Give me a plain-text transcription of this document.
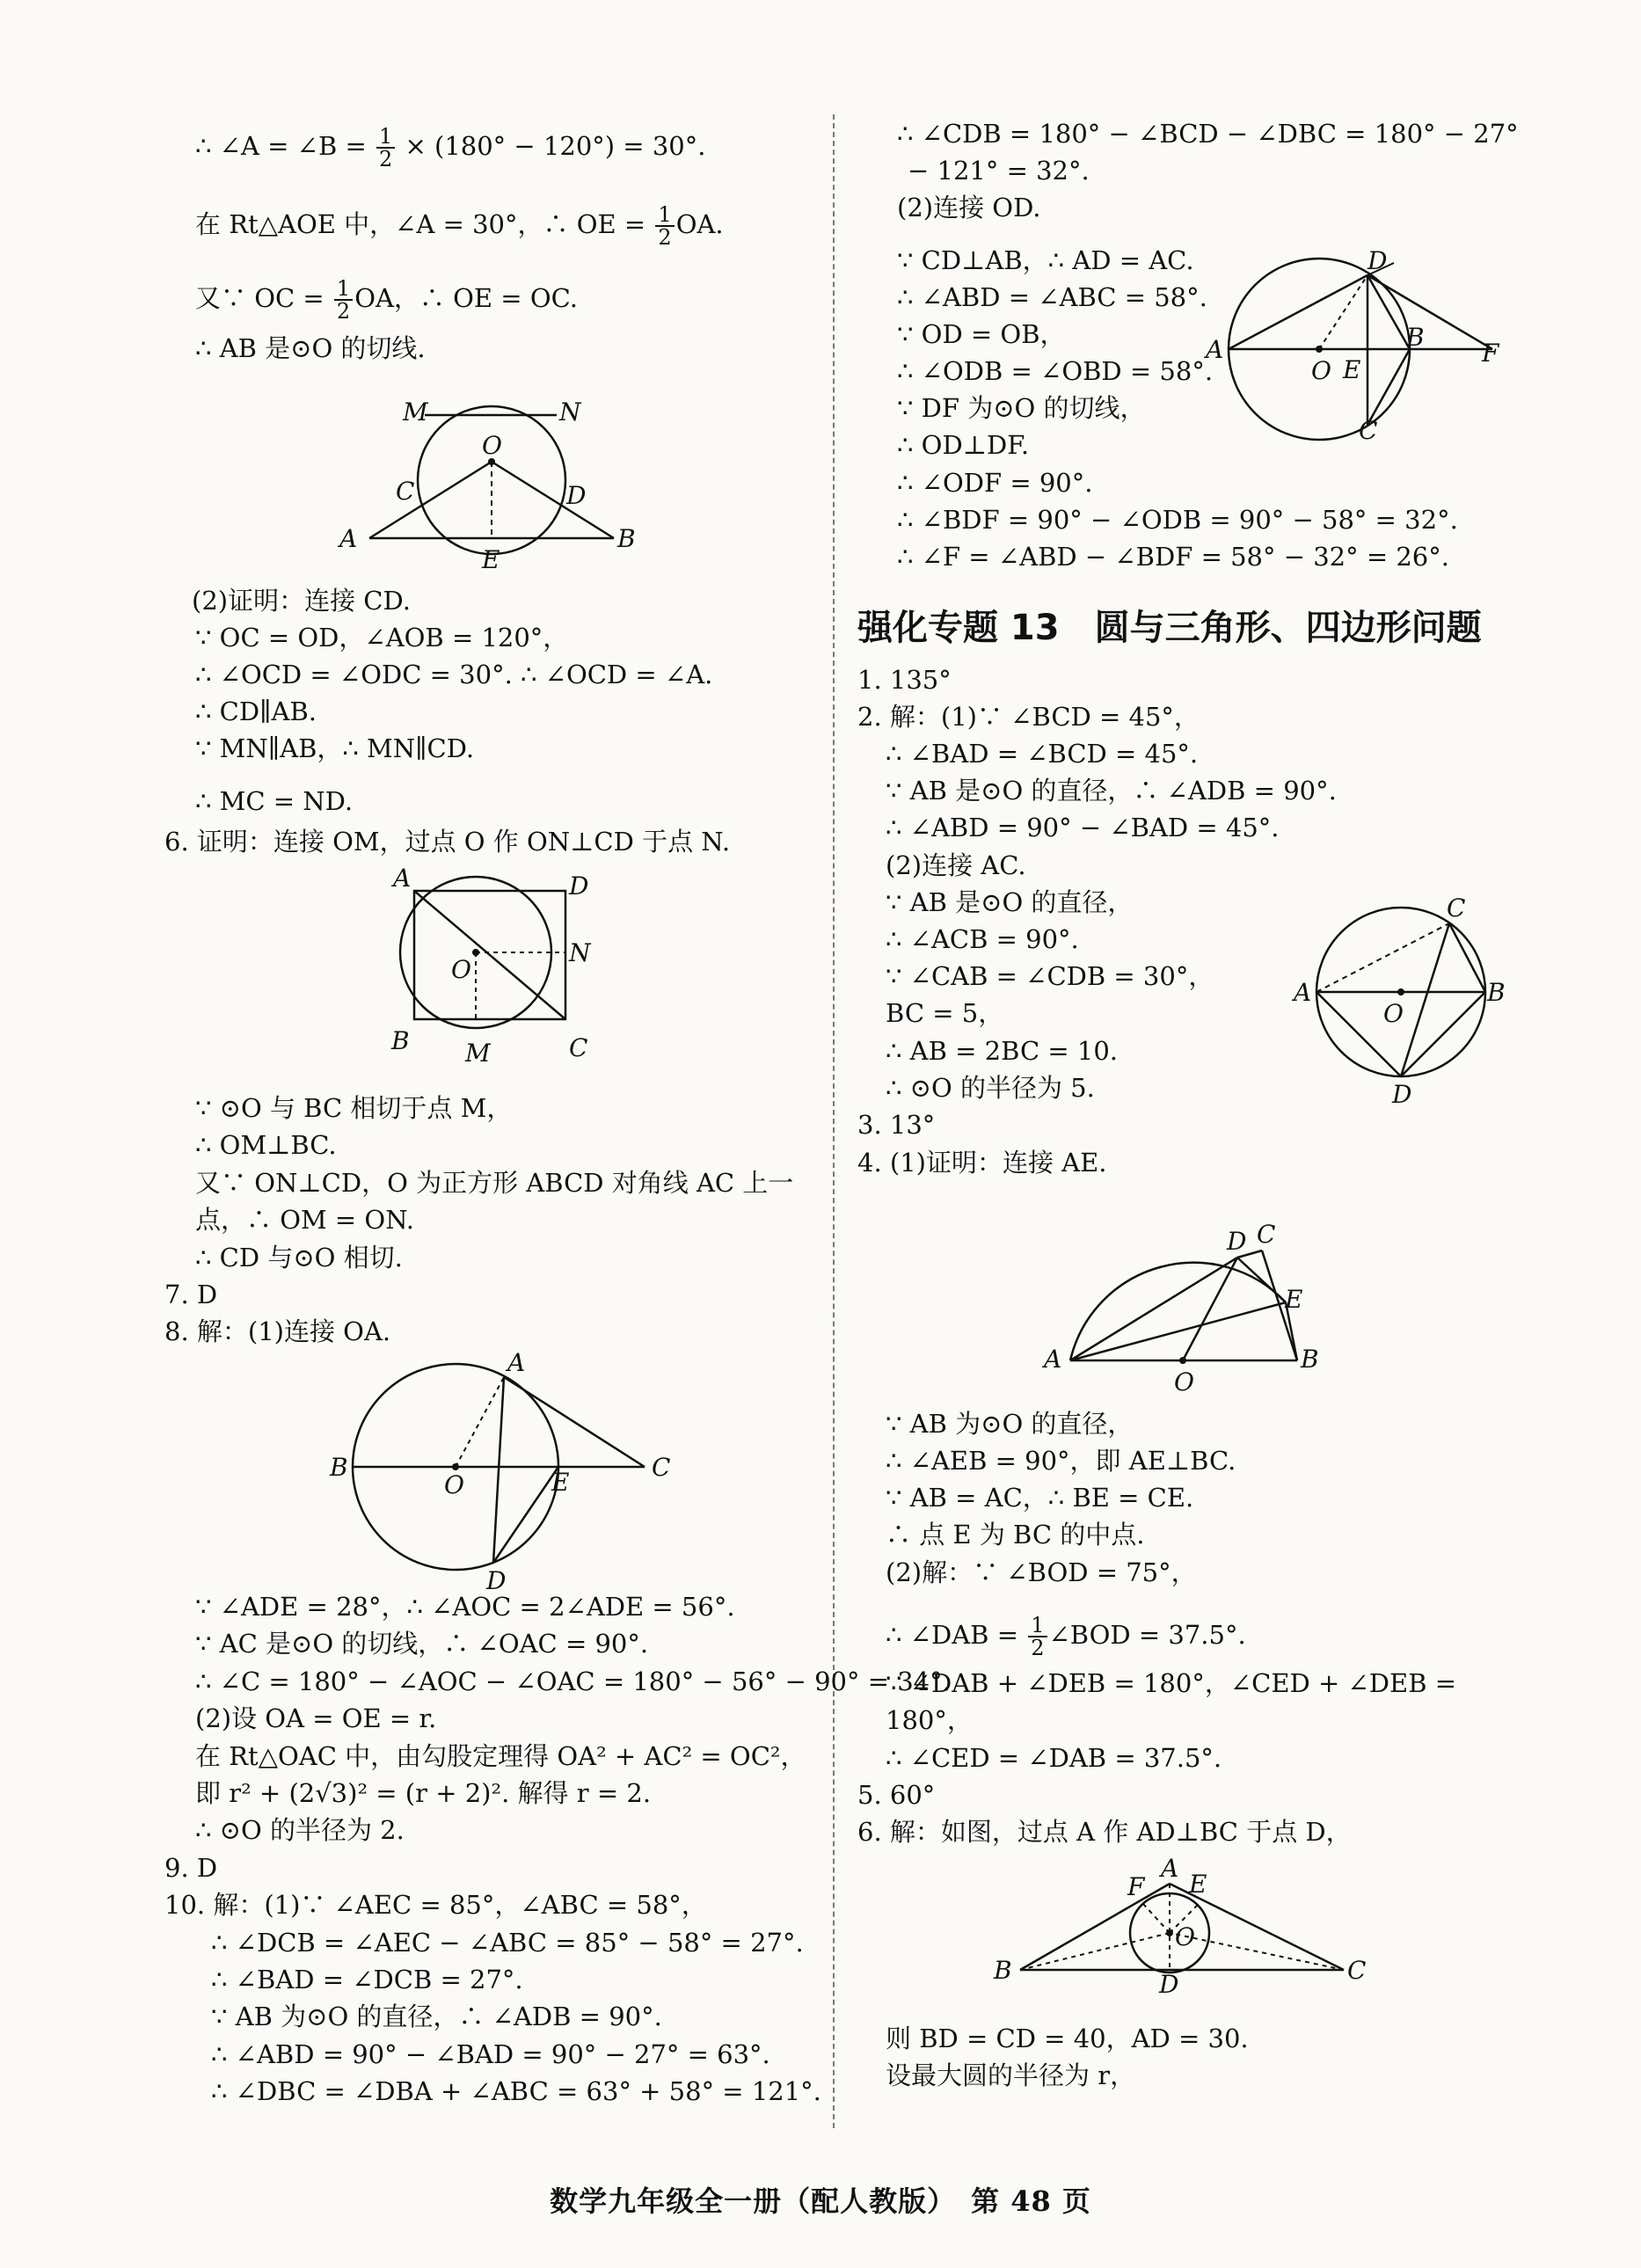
∴ ∠A = ∠B = $\frac{1}{2} \times (180^\circ - 120^\circ) = 30^\circ$.
在 Rt△AOE 中，∠A = 30°，∴ OE = $\frac{1}{2}$ OA.
又∵ OC = $\frac{1}{2}$ OA，∴ OE = OC.
∴ AB 是⊙O 的切线.
M	N
O
C	D
A
E
B
(2)证明：连接 CD.
∵ OC = OD，∠AOB = 120°，
∴ ∠OCD = ∠ODC = 30°. ∴ ∠OCD = ∠A.
∴ CD∥AB.
∵ MN∥AB，∴ MN∥CD.
∴ MC = ND.
6. 证明：连接 OM，过点 O 作 ON⊥CD 于点 N.
A	D
O
N
B M	C
∵ ⊙O 与 BC 相切于点 M，
∴ OM⊥BC.
又∵ ON⊥CD，O 为正方形 ABCD 对角线 AC 上一
点，∴ OM = ON.
∴ CD 与⊙O 相切.
7. D
8. 解：(1)连接 OA.
A
B
O	E
C
D
∵ ∠ADE = 28°，∴ ∠AOC = 2∠ADE = 56°.
∵ AC 是⊙O 的切线，∴ ∠OAC = 90°.
∴ ∠C = 180° − ∠AOC − ∠OAC = 180° − 56° − 90° = 34°.
(2)设 OA = OE = r.
在 Rt△OAC 中，由勾股定理得 OA² + AC² = OC²，
即 r² + (2√3)² = (r + 2)². 解得 r = 2.
∴ ⊙O 的半径为 2.
9. D
10. 解：(1)∵ ∠AEC = 85°，∠ABC = 58°，
∴ ∠DCB = ∠AEC − ∠ABC = 85° − 58° = 27°.
∴ ∠BAD = ∠DCB = 27°.
∵ AB 为⊙O 的直径，∴ ∠ADB = 90°.
∴ ∠ABD = 90° − ∠BAD = 90° − 27° = 63°.
∴ ∠DBC = ∠DBA + ∠ABC = 63° + 58° = 121°.
∴ ∠CDB = 180° − ∠BCD − ∠DBC = 180° − 27°
− 121° = 32°.
(2)连接 OD.
∵ CD⊥AB，∴ AD = AC.
∴ ∠ABD = ∠ABC = 58°.
∵ OD = OB，
∴ ∠ODB = ∠OBD = 58°.
∵ DF 为⊙O 的切线，
∴ OD⊥DF.
∴ ∠ODF = 90°.
∴ ∠BDF = 90° − ∠ODB = 90° − 58° = 32°.
∴ ∠F = ∠ABD − ∠BDF = 58° − 32° = 26°.
D
A
O E
B
F
C
强化专题 13　圆与三角形、四边形问题
1. 135°
2. 解：(1)∵ ∠BCD = 45°，
∴ ∠BAD = ∠BCD = 45°.
∵ AB 是⊙O 的直径，∴ ∠ADB = 90°.
∴ ∠ABD = 90° − ∠BAD = 45°.
(2)连接 AC.
∵ AB 是⊙O 的直径，
∴ ∠ACB = 90°.
∵ ∠CAB = ∠CDB = 30°，
BC = 5，
∴ AB = 2BC = 10.
∴ ⊙O 的半径为 5.
C
A
O
B
D
3. 13°
4. (1)证明：连接 AE.
D C
E
A
O
B
∵ AB 为⊙O 的直径，
∴ ∠AEB = 90°，即 AE⊥BC.
∵ AB = AC，∴ BE = CE.
∴ 点 E 为 BC 的中点.
(2)解：∵ ∠BOD = 75°，
∴ ∠DAB = $\frac{1}{2}$ ∠BOD = 37.5°.
∵ ∠DAB + ∠DEB = 180°，∠CED + ∠DEB =
180°，
∴ ∠CED = ∠DAB = 37.5°.
5. 60°
6. 解：如图，过点 A 作 AD⊥BC 于点 D，
F
A
E
B
O
D	C
则 BD = CD = 40，AD = 30.
设最大圆的半径为 r，
数学九年级全一册（配人教版）　第 48 页
